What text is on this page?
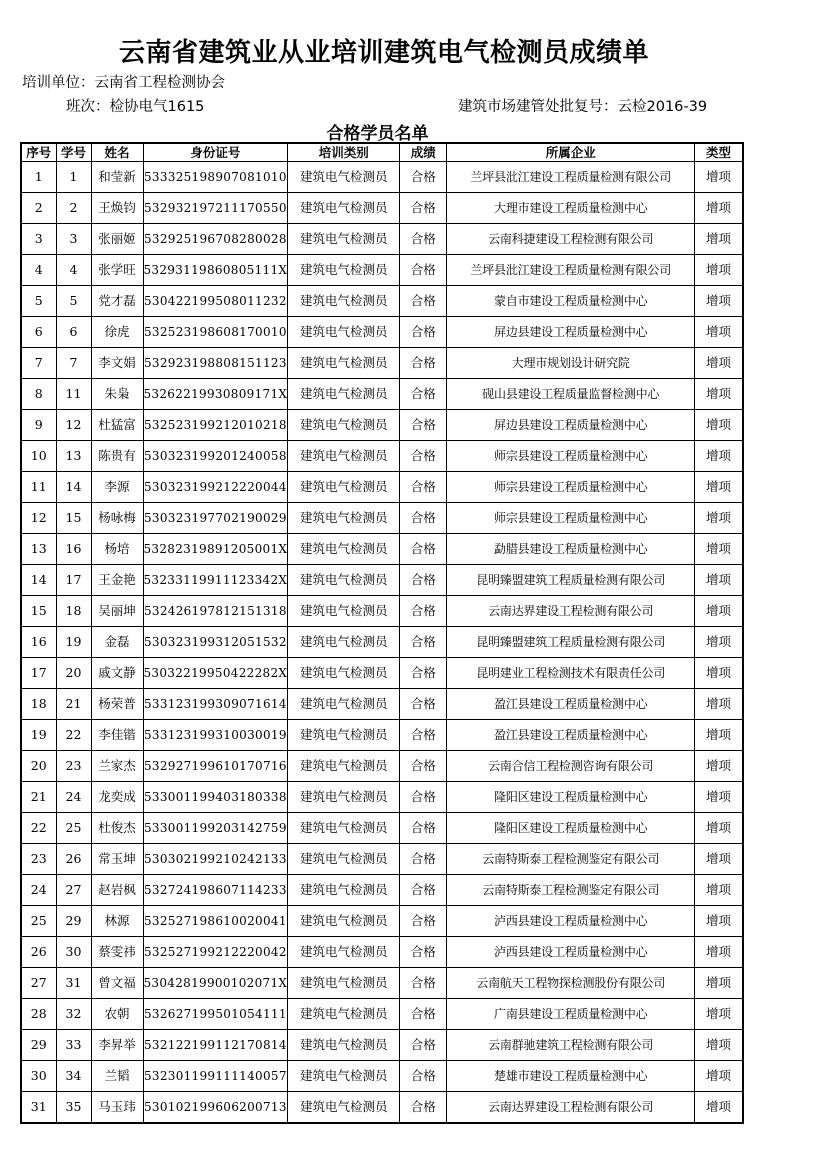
云南省建筑业从业培训建筑电气检测员成绩单
培训单位：云南省工程检测协会
班次：检协电气1615	建筑市场建管处批复号：云检2016-39
合格学员名单
序号	学号	姓名	身份证号	培训类别	成绩	所属企业	类型
1	1	和莹新	533325198907081010	建筑电气检测员	合格	兰坪县沘江建设工程质量检测有限公司	增项
2	2	王焕钧	532932197211170550	建筑电气检测员	合格	大理市建设工程质量检测中心	增项
3	3	张丽姬	532925196708280028	建筑电气检测员	合格	云南科捷建设工程检测有限公司	增项
4	4	张学旺	53293119860805111X	建筑电气检测员	合格	兰坪县沘江建设工程质量检测有限公司	增项
5	5	党才磊	530422199508011232	建筑电气检测员	合格	蒙自市建设工程质量检测中心	增项
6	6	徐虎	532523198608170010	建筑电气检测员	合格	屏边县建设工程质量检测中心	增项
7	7	李文娟	532923198808151123	建筑电气检测员	合格	大理市规划设计研究院	增项
8	11	朱枭	53262219930809171X	建筑电气检测员	合格	砚山县建设工程质量监督检测中心	增项
9	12	杜猛富	532523199212010218	建筑电气检测员	合格	屏边县建设工程质量检测中心	增项
10	13	陈贵有	530323199201240058	建筑电气检测员	合格	师宗县建设工程质量检测中心	增项
11	14	李源	530323199212220044	建筑电气检测员	合格	师宗县建设工程质量检测中心	增项
12	15	杨咏梅	530323197702190029	建筑电气检测员	合格	师宗县建设工程质量检测中心	增项
13	16	杨培	53282319891205001X	建筑电气检测员	合格	勐腊县建设工程质量检测中心	增项
14	17	王金艳	53233119911123342X	建筑电气检测员	合格	昆明臻盟建筑工程质量检测有限公司	增项
15	18	吴丽坤	532426197812151318	建筑电气检测员	合格	云南达界建设工程检测有限公司	增项
16	19	金磊	530323199312051532	建筑电气检测员	合格	昆明臻盟建筑工程质量检测有限公司	增项
17	20	戚文静	53032219950422282X	建筑电气检测员	合格	昆明建业工程检测技术有限责任公司	增项
18	21	杨荣普	533123199309071614	建筑电气检测员	合格	盈江县建设工程质量检测中心	增项
19	22	李佳锴	533123199310030019	建筑电气检测员	合格	盈江县建设工程质量检测中心	增项
20	23	兰家杰	532927199610170716	建筑电气检测员	合格	云南合信工程检测咨询有限公司	增项
21	24	龙奕成	533001199403180338	建筑电气检测员	合格	隆阳区建设工程质量检测中心	增项
22	25	杜俊杰	533001199203142759	建筑电气检测员	合格	隆阳区建设工程质量检测中心	增项
23	26	常玉坤	530302199210242133	建筑电气检测员	合格	云南特斯泰工程检测鉴定有限公司	增项
24	27	赵岩枫	532724198607114233	建筑电气检测员	合格	云南特斯泰工程检测鉴定有限公司	增项
25	29	林源	532527198610020041	建筑电气检测员	合格	泸西县建设工程质量检测中心	增项
26	30	蔡雯祎	532527199212220042	建筑电气检测员	合格	泸西县建设工程质量检测中心	增项
27	31	曾文福	53042819900102071X	建筑电气检测员	合格	云南航天工程物探检测股份有限公司	增项
28	32	农朝	532627199501054111	建筑电气检测员	合格	广南县建设工程质量检测中心	增项
29	33	李昇举	532122199112170814	建筑电气检测员	合格	云南群驰建筑工程检测有限公司	增项
30	34	兰韬	532301199111140057	建筑电气检测员	合格	楚雄市建设工程质量检测中心	增项
31	35	马玉玮	530102199606200713	建筑电气检测员	合格	云南达界建设工程检测有限公司	增项
